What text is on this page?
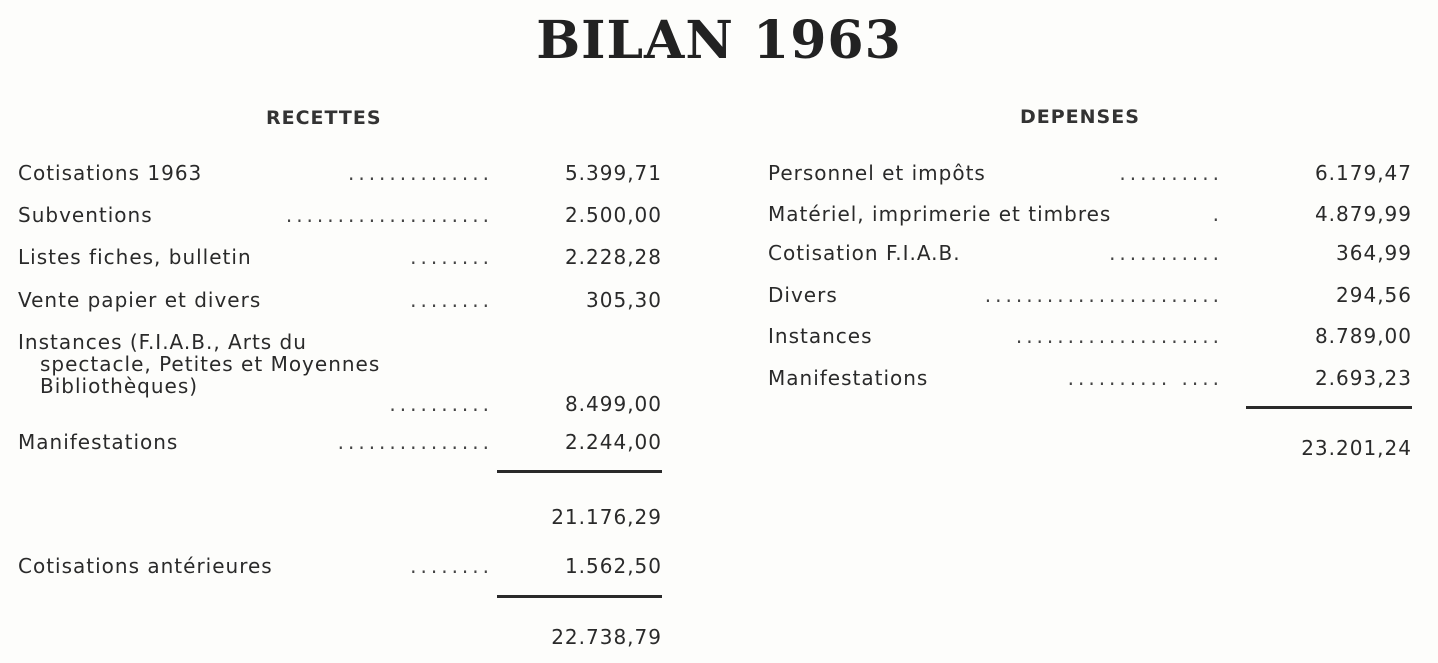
BILAN 1963
RECETTES
Cotisations 1963	..............	5.399,71
Subventions	....................	2.500,00
Listes fiches, bulletin	........	2.228,28
Vente papier et divers	........	305,30
Instances (F.I.A.B., Arts du
spectacle, Petites et Moyennes
Bibliothèques)
..........	8.499,00
Manifestations	...............	2.244,00
21.176,29
Cotisations antérieures	........	1.562,50
22.738,79
DEPENSES
Personnel et impôts	..........	6.179,47
Matériel, imprimerie et timbres	.	4.879,99
Cotisation F.I.A.B.	...........	364,99
Divers	.......................	294,56
Instances	....................	8.789,00
Manifestations	.......... ....	2.693,23
23.201,24
